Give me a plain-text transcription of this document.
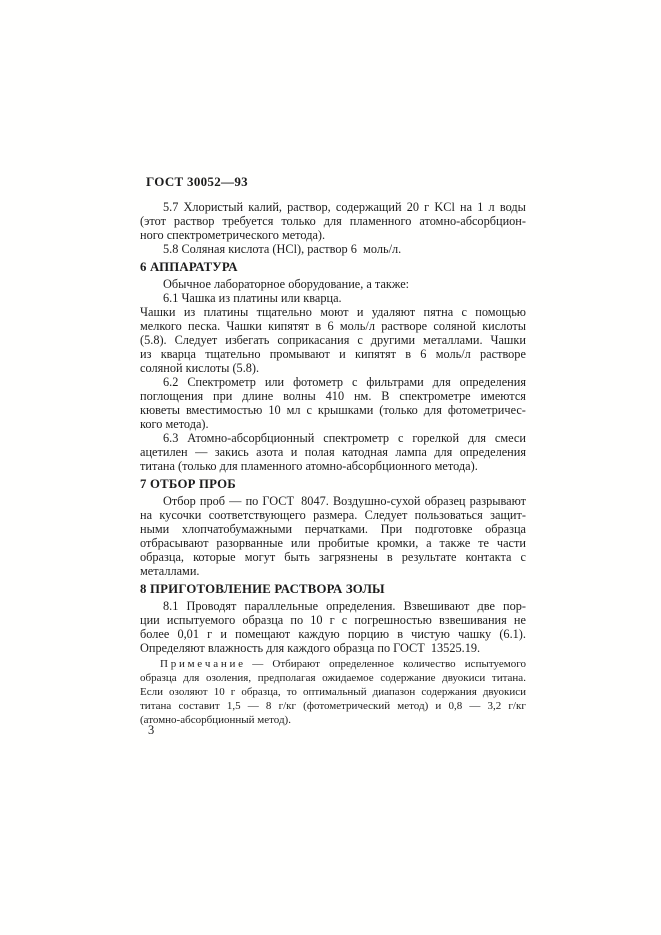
ГОСТ 30052—93
5.7 Хлористый калий, раствор, содержащий 20 г KCl на 1 л воды
(этот раствор требуется только для пламенного атомно-абсорбцион-
ного спектрометрического метода).
5.8 Соляная кислота (HCl), раствор 6  моль/л.
6 АППАРАТУРА
Обычное лабораторное оборудование, а также:
6.1 Чашка из платины или кварца.
Чашки из платины тщательно моют и удаляют пятна с помощью
мелкого песка. Чашки кипятят в 6 моль/л растворе соляной кислоты
(5.8). Следует избегать соприкасания с другими металлами. Чашки
из кварца тщательно промывают и кипятят в 6 моль/л растворе
соляной кислоты (5.8).
6.2 Спектрометр или фотометр с фильтрами для определения
поглощения при длине волны 410 нм. В спектрометре имеются
кюветы вместимостью 10 мл с крышками (только для фотометричес-
кого метода).
6.3 Атомно-абсорбционный спектрометр с горелкой для смеси
ацетилен — закись азота и полая катодная лампа для определения
титана (только для пламенного атомно-абсорбционного метода).
7 ОТБОР ПРОБ
Отбор проб — по ГОСТ 8047. Воздушно-сухой образец разрывают
на кусочки соответствующего размера. Следует пользоваться защит-
ными хлопчатобумажными перчатками. При подготовке образца
отбрасывают разорванные или пробитые кромки, а также те части
образца, которые могут быть загрязнены в результате контакта с
металлами.
8 ПРИГОТОВЛЕНИЕ РАСТВОРА ЗОЛЫ
8.1 Проводят параллельные определения. Взвешивают две пор-
ции испытуемого образца по 10 г с погрешностью взвешивания не
более 0,01 г и помещают каждую порцию в чистую чашку (6.1).
Определяют влажность для каждого образца по ГОСТ  13525.19.
П р и м е ч а н и е — Отбирают определенное количество испытуемого
образца для озоления, предполагая ожидаемое содержание двуокиси титана.
Если озоляют 10 г образца, то оптимальный диапазон содержания двуокиси
титана составит 1,5 — 8 г/кг (фотометрический метод) и 0,8 — 3,2 г/кг
(атомно-абсорбционный метод).
3
